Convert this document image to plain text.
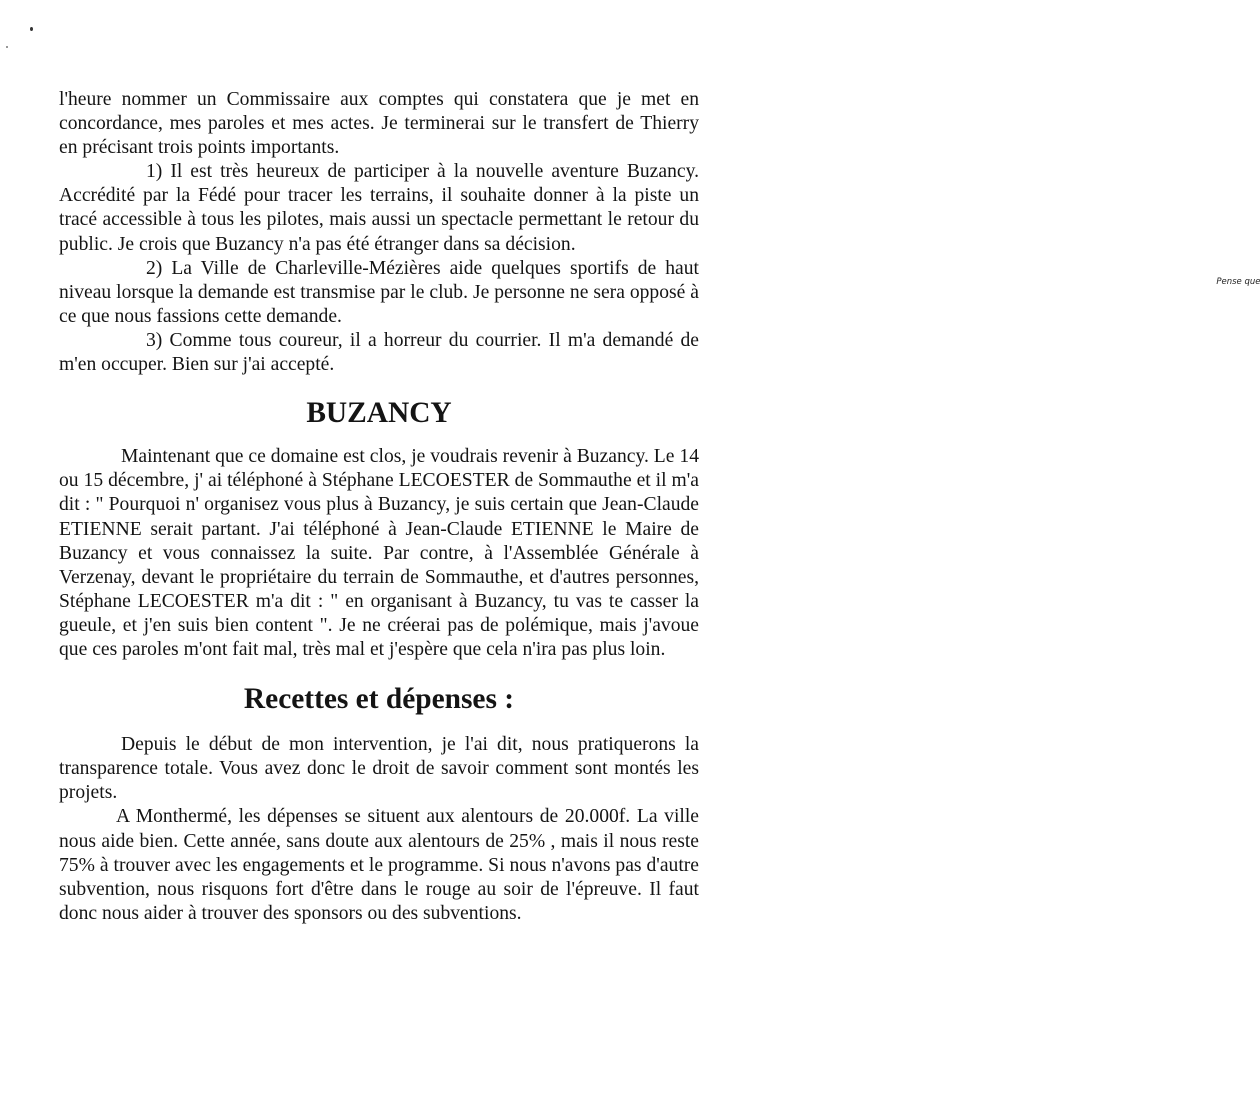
l'heure nommer un Commissaire aux comptes qui constatera que je met en concordance, mes paroles et mes actes. Je terminerai sur le transfert de Thierry en précisant trois points importants.

1) Il est très heureux de participer à la nouvelle aventure Buzancy. Accrédité par la Fédé pour tracer les terrains, il souhaite donner à la piste un tracé accessible à tous les pilotes, mais aussi un spectacle permettant le retour du public. Je crois que Buzancy n'a pas été étranger dans sa décision.

2) La Ville de Charleville-Mézières aide quelques sportifs de haut niveau lorsque la demande est transmise par le club. Je personne ne sera opposé à ce que nous fassions cette demande.
Pense que

3) Comme tous coureur, il a horreur du courrier. Il m'a demandé de m'en occuper. Bien sur j'ai accepté.

BUZANCY

Maintenant que ce domaine est clos, je voudrais revenir à Buzancy. Le 14 ou 15 décembre, j' ai téléphoné à Stéphane LECOESTER de Sommauthe et il m'a dit : " Pourquoi n' organisez vous plus à Buzancy, je suis certain que Jean-Claude ETIENNE serait partant. J'ai téléphoné à Jean-Claude ETIENNE le Maire de Buzancy et vous connaissez la suite. Par contre, à l'Assemblée Générale à Verzenay, devant le propriétaire du terrain de Sommauthe, et d'autres personnes, Stéphane LECOESTER m'a dit : " en organisant à Buzancy, tu vas te casser la gueule, et j'en suis bien content ". Je ne créerai pas de polémique, mais j'avoue que ces paroles m'ont fait mal, très mal et j'espère que cela n'ira pas plus loin.

Recettes et dépenses :

Depuis le début de mon intervention, je l'ai dit, nous pratiquerons la transparence totale. Vous avez donc le droit de savoir comment sont montés les projets.

A Monthermé, les dépenses se situent aux alentours de 20.000f. La ville nous aide bien. Cette année, sans doute aux alentours de 25% , mais il nous reste 75% à trouver avec les engagements et le programme. Si nous n'avons pas d'autre subvention, nous risquons fort d'être dans le rouge au soir de l'épreuve. Il faut donc nous aider à trouver des sponsors ou des subventions.
